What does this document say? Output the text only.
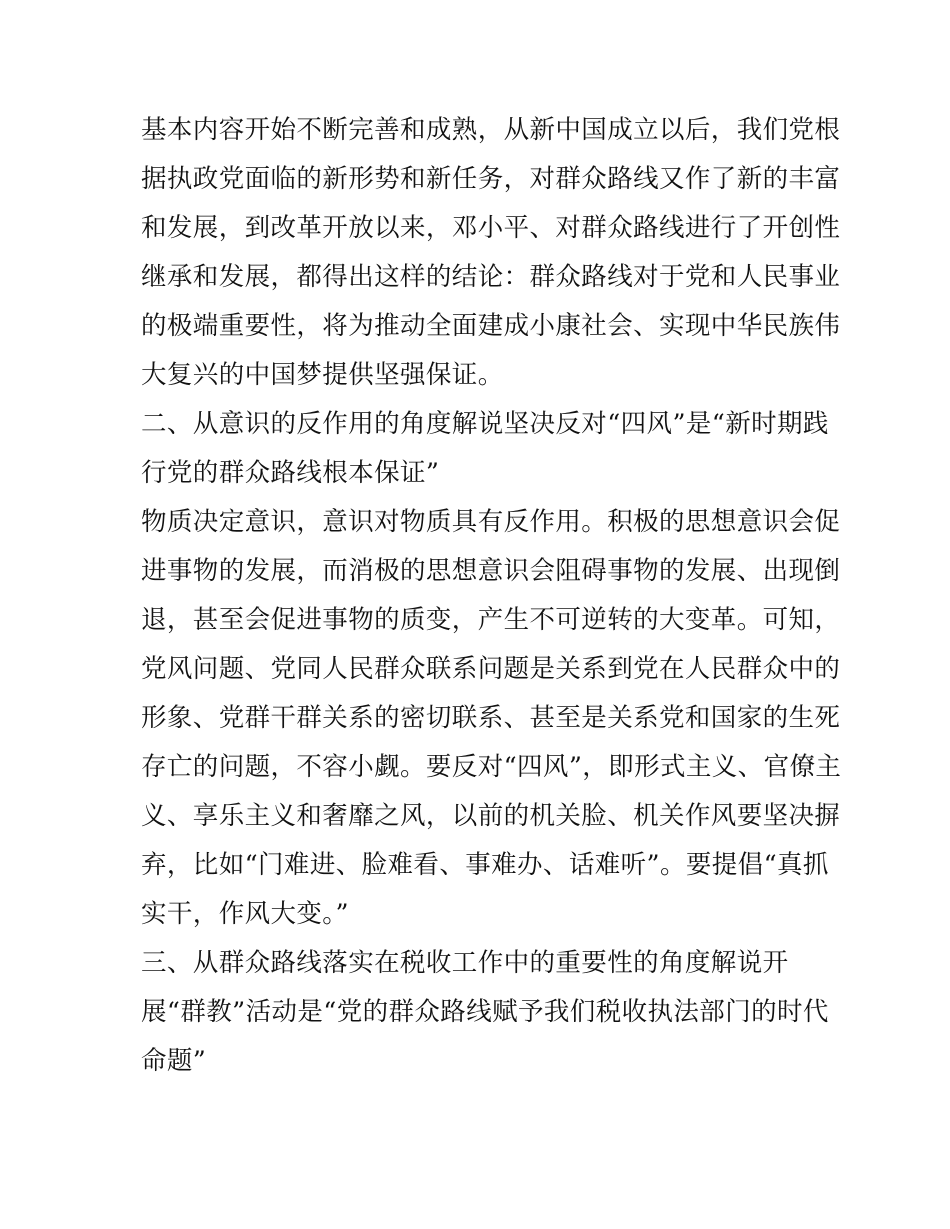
基本内容开始不断完善和成熟，从新中国成立以后，我们党根
据执政党面临的新形势和新任务，对群众路线又作了新的丰富
和发展，到改革开放以来，邓小平、对群众路线进行了开创性
继承和发展，都得出这样的结论：群众路线对于党和人民事业
的极端重要性，将为推动全面建成小康社会、实现中华民族伟
大复兴的中国梦提供坚强保证。
二、从意识的反作用的角度解说坚决反对“四风”是“新时期践
行党的群众路线根本保证”
物质决定意识，意识对物质具有反作用。积极的思想意识会促
进事物的发展，而消极的思想意识会阻碍事物的发展、出现倒
退，甚至会促进事物的质变，产生不可逆转的大变革。可知，
党风问题、党同人民群众联系问题是关系到党在人民群众中的
形象、党群干群关系的密切联系、甚至是关系党和国家的生死
存亡的问题，不容小觑。要反对“四风”，即形式主义、官僚主
义、享乐主义和奢靡之风，以前的机关脸、机关作风要坚决摒
弃，比如“门难进、脸难看、事难办、话难听”。要提倡“真抓
实干，作风大变。”
三、从群众路线落实在税收工作中的重要性的角度解说开
展“群教”活动是“党的群众路线赋予我们税收执法部门的时代
命题”
